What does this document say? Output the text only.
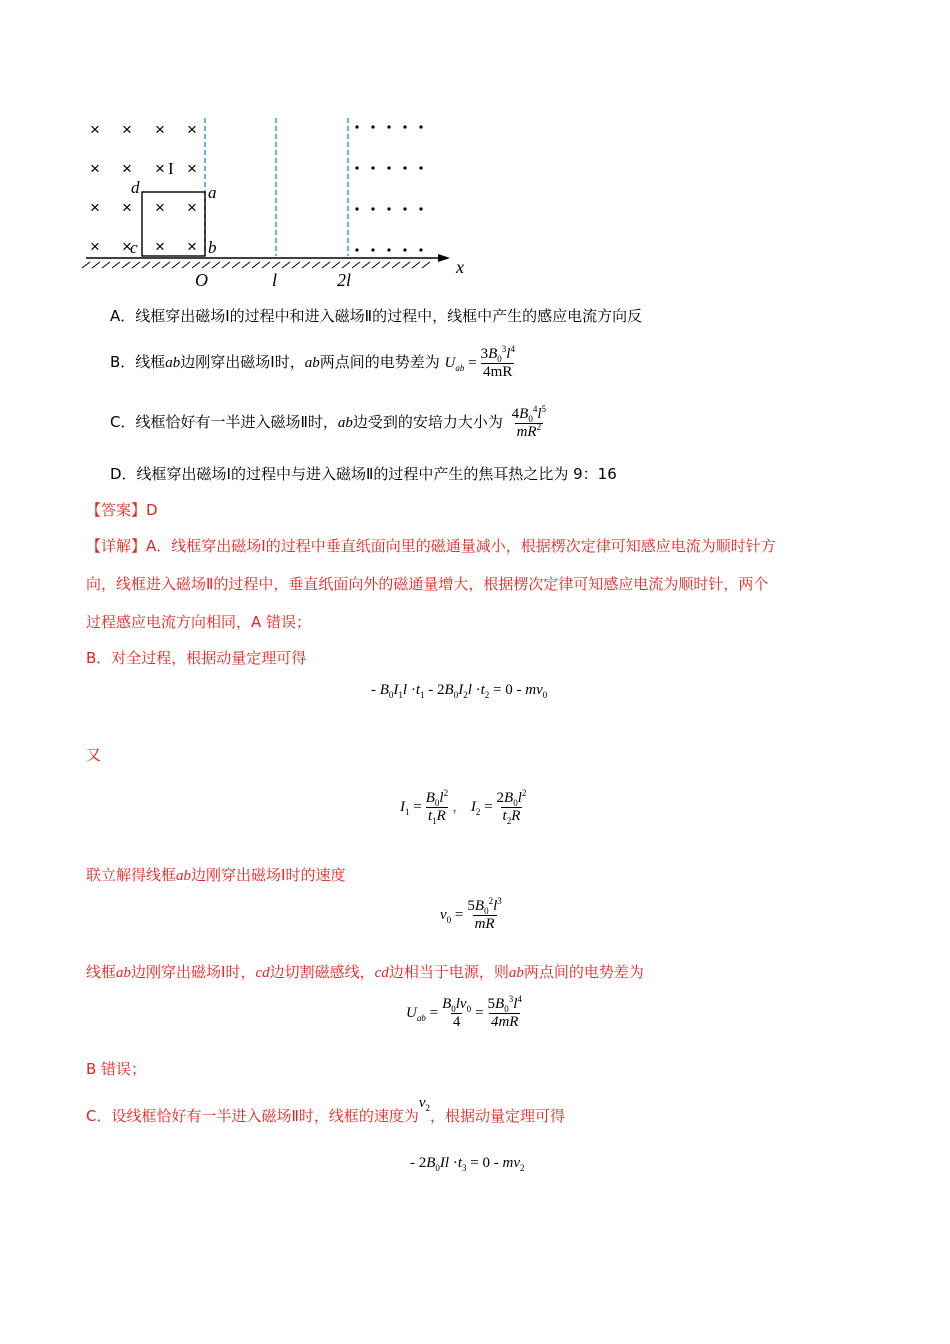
× × × ×
× × × ×
× × × ×
× × × ×
I
d	a
b
c
x
O	l	2l
A．线框穿出磁场Ⅰ的过程中和进入磁场Ⅱ的过程中，线框中产生的感应电流方向反
B．线框ab边刚穿出磁场Ⅰ时，ab两点间的电势差为 $U_{ab} = \frac{3B_0^3l^4}{4mR}$
C．线框恰好有一半进入磁场Ⅱ时，ab边受到的安培力大小为 $\frac{4B_0^4l^5}{mR^2}$
D．线框穿出磁场Ⅰ的过程中与进入磁场Ⅱ的过程中产生的焦耳热之比为 9：16
【答案】D
【详解】A．线框穿出磁场Ⅰ的过程中垂直纸面向里的磁通量减小，根据楞次定律可知感应电流为顺时针方
向，线框进入磁场Ⅱ的过程中，垂直纸面向外的磁通量增大，根据楞次定律可知感应电流为顺时针，两个
过程感应电流方向相同，A 错误；
B．对全过程，根据动量定理可得
- $B_0I_1l \cdot t_1 - 2B_0I_2l \cdot t_2 = 0 - mv_0$
又
$I_1 = \frac{B_0l^2}{t_1R}$ ， $I_2 = \frac{2B_0l^2}{t_2R}$
联立解得线框ab边刚穿出磁场Ⅰ时的速度
$v_0 = \frac{5B_0^2l^3}{mR}$
线框ab边刚穿出磁场Ⅰ时，cd边切割磁感线，cd边相当于电源，则ab两点间的电势差为
$U_{ab} = \frac{B_0lv_0}{4} = \frac{5B_0^3l^4}{4mR}$
B 错误；
C．设线框恰好有一半进入磁场Ⅱ时，线框的速度为$v_2$，根据动量定理可得
- $2B_0Il \cdot t_3 = 0 - mv_2$
